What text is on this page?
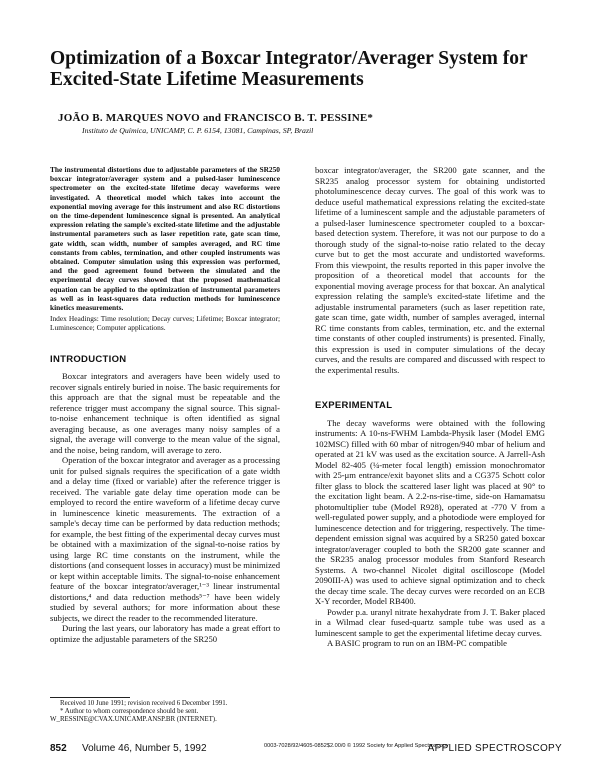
Optimization of a Boxcar Integrator/Averager System for Excited-State Lifetime Measurements
JOÃO B. MARQUES NOVO and FRANCISCO B. T. PESSINE*
Instituto de Química, UNICAMP, C. P. 6154, 13081, Campinas, SP, Brazil
The instrumental distortions due to adjustable parameters of the SR250 boxcar integrator/averager system and a pulsed-laser luminescence spectrometer on the excited-state lifetime decay waveforms were investigated. A theoretical model which takes into account the exponential moving average for this instrument and also RC distortions on the time-dependent luminescence signal is presented. An analytical expression relating the sample's excited-state lifetime and the adjustable instrumental parameters such as laser repetition rate, gate scan time, gate width, scan width, number of samples averaged, and RC time constants from cables, termination, and other coupled instruments was obtained. Computer simulation using this expression was performed, and the good agreement found between the simulated and the experimental decay curves showed that the proposed mathematical equation can be applied to the optimization of instrumental parameters as well as in least-squares data reduction methods for luminescence kinetics measurements.
Index Headings: Time resolution; Decay curves; Lifetime; Boxcar integrator; Luminescence; Computer applications.
INTRODUCTION

Boxcar integrators and averagers have been widely used to recover signals entirely buried in noise. The basic requirements for this approach are that the signal must be repeatable and the reference trigger must accompany the signal source. This signal-to-noise enhancement technique is often identified as signal averaging because, as one averages many noisy samples of a signal, the average will converge to the mean value of the signal, and the noise, being random, will average to zero.

Operation of the boxcar integrator and averager as a processing unit for pulsed signals requires the specification of a gate width and a delay time (fixed or variable) after the reference trigger is received. The variable gate delay time operation mode can be employed to record the entire waveform of a lifetime decay curve in luminescence kinetic measurements. The extraction of a sample's decay time can be performed by data reduction methods; for example, the best fitting of the experimental decay curves must be obtained with a maximization of the signal-to-noise ratios by using large RC time constants on the instrument, while the distortions (and consequent losses in accuracy) must be minimized or kept within acceptable limits. The signal-to-noise enhancement feature of the boxcar integrator/averager,¹⁻³ linear instrumental distortions,⁴ and data reduction methods⁵⁻⁷ have been widely studied by several authors; for more information about these subjects, we direct the reader to the recommended literature.

During the last years, our laboratory has made a great effort to optimize the adjustable parameters of the SR250

Received 10 June 1991; revision received 6 December 1991.
* Author to whom correspondence should be sent. W_RESSINE@CVAX.UNICAMP.ANSP.BR (INTERNET).

boxcar integrator/averager, the SR200 gate scanner, and the SR235 analog processor system for obtaining undistorted photoluminescence decay curves. The goal of this work was to deduce useful mathematical expressions relating the excited-state lifetime of a luminescent sample and the adjustable parameters of a pulsed-laser luminescence spectrometer coupled to a boxcar-based detection system. Therefore, it was not our purpose to do a thorough study of the signal-to-noise ratio related to the decay curve but to get the most accurate and undistorted waveforms. From this viewpoint, the results reported in this paper involve the proposition of a theoretical model that accounts for the exponential moving average process for that boxcar. An analytical expression relating the sample's excited-state lifetime and the adjustable instrumental parameters (such as laser repetition rate, gate scan time, gate width, number of samples averaged, internal RC time constants from cables, termination, etc. and the external time constants of other coupled instruments) is presented. Finally, this expression is used in computer simulations of the decay curves, and the results are compared and discussed with respect to the experimental results.

EXPERIMENTAL

The decay waveforms were obtained with the following instruments: A 10-ns-FWHM Lambda-Physik laser (Model EMG 102MSC) filled with 60 mbar of nitrogen/940 mbar of helium and operated at 21 kV was used as the excitation source. A Jarrell-Ash Model 82-405 (¼-meter focal length) emission monochromator with 25-μm entrance/exit bayonet slits and a CG375 Schott color filter glass to block the scattered laser light was placed at 90° to the excitation light beam. A 2.2-ns-rise-time, side-on Hamamatsu photomultiplier tube (Model R928), operated at -770 V from a well-regulated power supply, and a photodiode were employed for luminescence detection and for triggering, respectively. The time-dependent emission signal was acquired by a SR250 gated boxcar integrator/averager coupled to both the SR200 gate scanner and the SR235 analog processor modules from Stanford Research Systems. A two-channel Nicolet digital oscilloscope (Model 2090III-A) was used to achieve signal optimization and to check the decay time scale. The decay curves were recorded on an ECB X-Y recorder, Model RB400.

Powder p.a. uranyl nitrate hexahydrate from J. T. Baker placed in a Wilmad clear fused-quartz sample tube was used as a luminescent sample to get the experimental lifetime decay curves.

A BASIC program to run on an IBM-PC compatible

852 Volume 46, Number 5, 1992	0003-7028/92/4605-0852$2.00/0 © 1992 Society for Applied Spectroscopy
APPLIED SPECTROSCOPY
